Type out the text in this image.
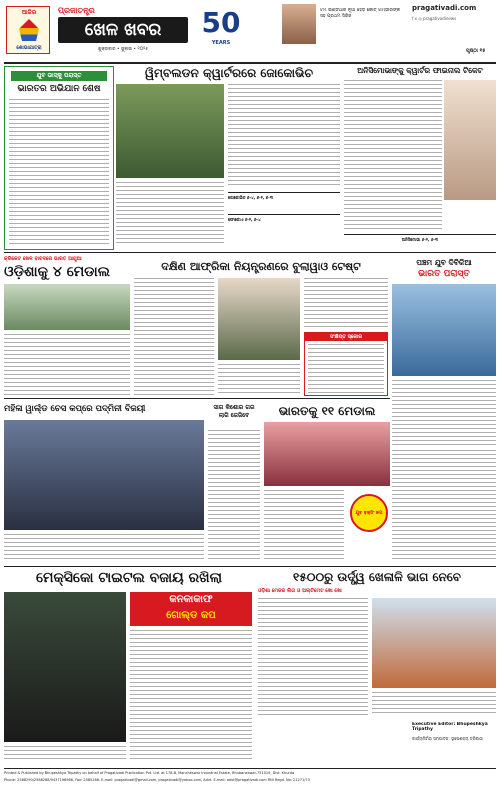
ଆଜିର
ଶୋଭାଯାତ୍ରା
ପ୍ରଜାତନ୍ତ୍ର
ଖେଳ ଖବର
ଶୁକ୍ରବାର • ଜୁଲାଇ • ୨୦୨୫
50
YEARS
ଟିମ ଇଣ୍ଡିଆର ନୂଆ ହେଡ଼ କୋଚ୍ ଗମ୍ଭୀରଙ୍କ ସହ ପ୍ରଥମ ସିରିଜ
pragativadi.com
f x ◎ pragativadinews
ପୃଷ୍ଠା ୧୫
ଯୁବ ଭାସ୍କୁ ପରାସ୍ତ
ଭାରତର ଅଭିଯାନ ଶେଷ
ୱିମ୍ବଲଡନ କ୍ୱାର୍ଟରରେ ଜୋକୋଭିଚ
ଜୋକୋଭିଚ ୬-୪, ୬-୨, ୬-୩
ଫୋକୋଏ ୬-୨, ୬-୪
ଅନିସିମୋଭାଙ୍କୁ କ୍ୱାର୍ଟର ଫାଇନାଲ ଟିକେଟ
ଅନିସିମୋଭା ୬-୨, ୬-୩
କ୍ରିକେଟ ଖେଳ ବାବଦରେ ଭାରତ ଆଗୁଆ
ଓଡ଼ିଶାକୁ ୪ ମେଡାଲ	ଦକ୍ଷିଣ ଆଫ୍ରିକା ନିୟନ୍ତ୍ରଣରେ ବୁଲାୱାଓ ଟେଷ୍ଟ
ସଂକ୍ଷିପ୍ତ ସ୍କୋର
ପଞ୍ଚମ ଯୁବ ଦିବିକିଆ
ଭାରତ ପରାସ୍ତ
ମହିଳା ୱାର୍ଲ୍ଡ ଚେସ କପ୍‌ରେ ପଦ୍ମିନୀ ବିଜୟୀ	ସାଗ କିଶୋର ଗର ଲାଗି ଜେଜିବେ	ଭାରତକୁ ୧୧ ମେଡାଲ
ଯୁବ ବକ୍ସିଂ କପ
ମେକ୍ସିକୋ ଟାଇଟଲ ବଜାୟ ରଖିଲା
କନକାକାଫ
ଗୋଲ୍ଡ କପ
୧୫୦୦ରୁ ଉର୍ଦ୍ଧ୍ୱ ଖେଳାଳି ଭାଗ ନେବେ
ଓଡ଼ିଶା ମେଜର ଲିଗ ଓ ଅଲ୍ଟିମେଟ ଖୋ ଖୋ
Executive Editor: Bhupeshkya Tripathy
କାର୍ଯ୍ୟନିର୍ବାହୀ ସମ୍ପାଦକ: ଭୂପେଶକ୍ୟ ତ୍ରିପାଠୀ
Printed & Published by Bhupeshkya Tripathy on behalf of Pragativadi Publication Pvt. Ltd. at 178-B, Mancheswar Industrial Estate, Bhubaneswar-751010, Dist. Khurda
Phone: 2588290/2588288/9437196966, Fax: 2585286, E-mail: pragativadi@gmail.com, pragativadi@yahoo.com, Advt. E-mail: advt@pragativadi.com RNI Regd. No: 21271/73
